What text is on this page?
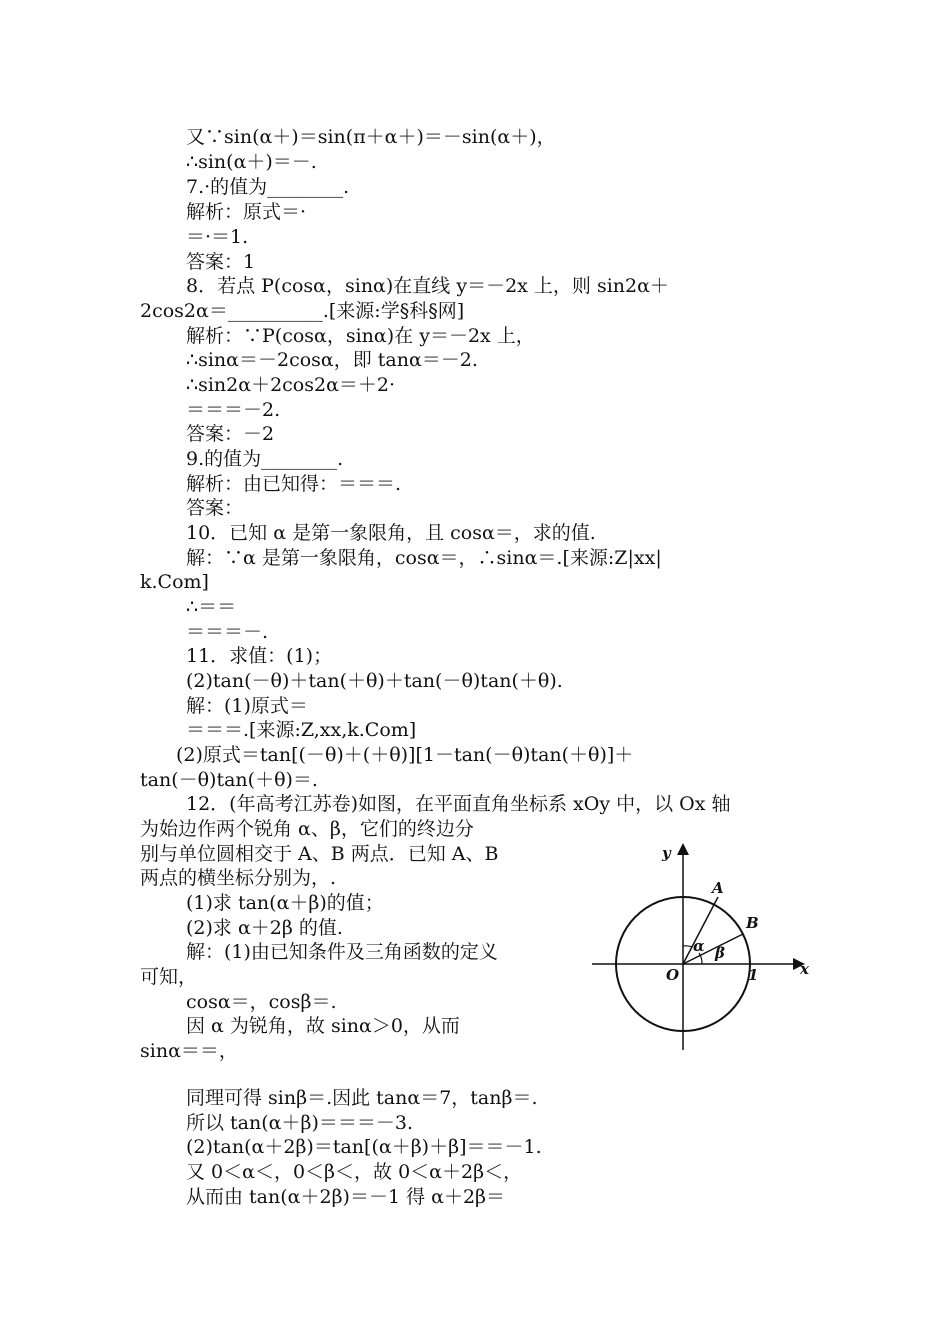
又∵sin(α＋)＝sin(π＋α＋)＝－sin(α＋)，
∴sin(α＋)＝－.
7.·的值为________.
解析：原式＝·
＝·＝1.
答案：1
8．若点 P(cosα，sinα)在直线 y＝－2x 上，则 sin2α＋
2cos2α＝__________.[来源:学§科§网]
解析：∵P(cosα，sinα)在 y＝－2x 上，
∴sinα＝－2cosα，即 tanα＝－2.
∴sin2α＋2cos2α＝＋2·
＝＝＝－2.
答案：－2
9.的值为________.
解析：由已知得：＝＝＝.
答案：
10．已知 α 是第一象限角，且 cosα＝，求的值.
解：∵α 是第一象限角，cosα＝，∴sinα＝.[来源:Z|xx|
k.Com]
∴＝＝
＝＝＝－.
11．求值：(1)；
(2)tan(－θ)＋tan(＋θ)＋tan(－θ)tan(＋θ).
解：(1)原式＝
＝＝＝.[来源:Z,xx,k.Com]
(2)原式＝tan[(－θ)＋(＋θ)][1－tan(－θ)tan(＋θ)]＋
tan(－θ)tan(＋θ)＝.
12．(年高考江苏卷)如图，在平面直角坐标系 xOy 中，以 Ox 轴
为始边作两个锐角 α、β，它们的终边分
别与单位圆相交于 A、B 两点．已知 A、B
两点的横坐标分别为，.
(1)求 tan(α＋β)的值；
(2)求 α＋2β 的值.
解：(1)由已知条件及三角函数的定义
可知，
cosα＝，cosβ＝.
因 α 为锐角，故 sinα＞0，从而
sinα＝＝，
同理可得 sinβ＝.因此 tanα＝7，tanβ＝.
所以 tan(α＋β)＝＝＝－3.
(2)tan(α＋2β)＝tan[(α＋β)＋β]＝＝－1.
又 0＜α＜，0＜β＜，故 0＜α＋2β＜，
从而由 tan(α＋2β)＝－1 得 α＋2β＝
y
x
A
B
α β
O	1
